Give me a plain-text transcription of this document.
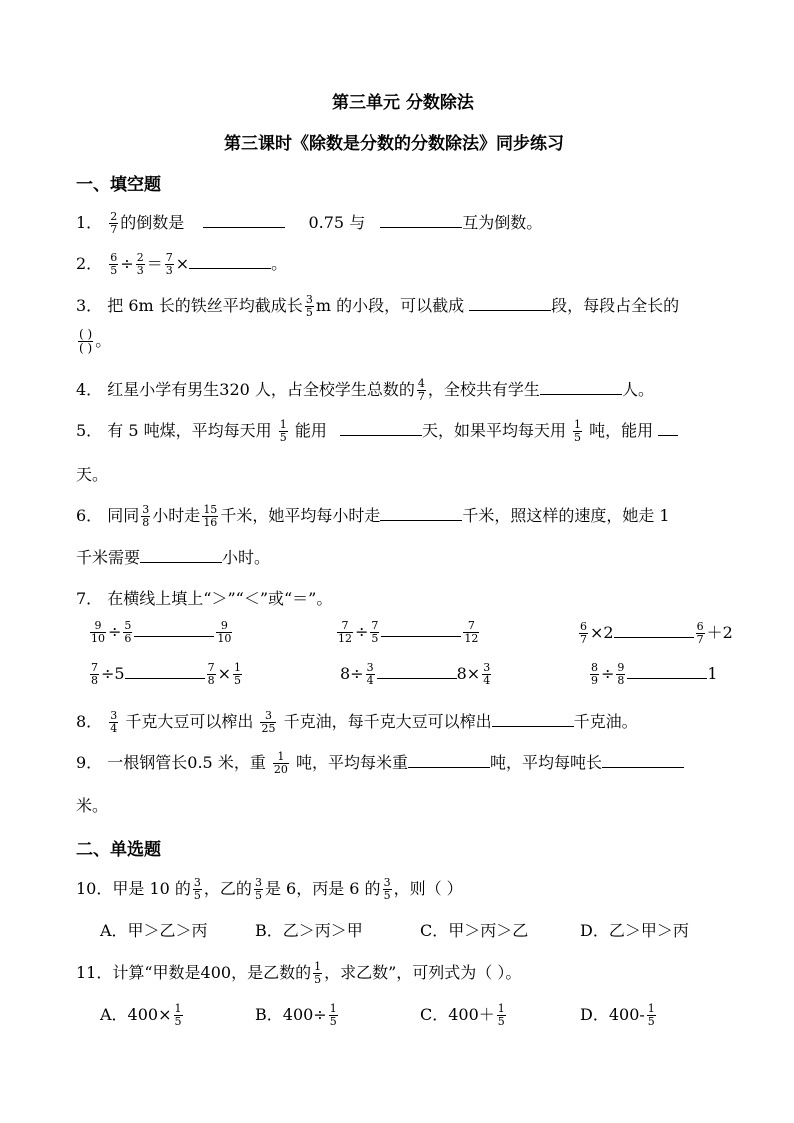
第三单元 分数除法
第三课时《除数是分数的分数除法》同步练习
一、填空题
1． $\frac{2}{7}$ 的倒数是	0.75 与	互为倒数。
2． $\frac{6}{5} \div \frac{2}{3} = \frac{7}{3}$ ×	。
3． 把 6m 长的铁丝平均截成长 $\frac{3}{5}$ m 的小段，可以截成	段，每段占全长的
$\frac{( )}{( )}$ 。
4． 红星小学有男生320 人，占全校学生总数的 $\frac{4}{7}$ ，全校共有学生	人。
5． 有 5 吨煤，平均每天用 $\frac{1}{5}$ 能用	天，如果平均每天用 $\frac{1}{5}$ 吨，能用
天。
6． 同同 $\frac{3}{8}$ 小时走 $\frac{15}{16}$ 千米，她平均每小时走	千米，照这样的速度，她走 1
千米需要	小时。
7． 在横线上填上“＞”“＜”或“＝”。
$\frac{9}{10} \div \frac{5}{6}$	$\frac{9}{10}$	$\frac{7}{12} \div \frac{7}{5}$	$\frac{7}{12}$	$\frac{6}{7} \times 2$	$\frac{6}{7} +2$
$\frac{7}{8} \div 5$	$\frac{7}{8} \times \frac{1}{5}$	$8\div \frac{3}{4}$	$8\times \frac{3}{4}$	$\frac{8}{9} \div \frac{9}{8}$	1
8． $\frac{3}{4}$ 千克大豆可以榨出 $\frac{3}{25}$ 千克油，每千克大豆可以榨出	千克油。
9． 一根钢管长0.5 米，重 $\frac{1}{20}$ 吨，平均每米重	吨，平均每吨长
米。
二、单选题
10．甲是 10 的 $\frac{3}{5}$ ，乙的 $\frac{3}{5}$ 是 6，丙是 6 的 $\frac{3}{5}$ ，则（ ）
A．甲＞乙＞丙	B．乙＞丙＞甲	C．甲＞丙＞乙	D．乙＞甲＞丙
11．计算“甲数是400，是乙数的 $\frac{1}{5}$ ，求乙数”，可列式为（ ）。
A．$400\times \frac{1}{5}$	B．$400\div \frac{1}{5}$	C．$400+ \frac{1}{5}$	D．$400- \frac{1}{5}$
